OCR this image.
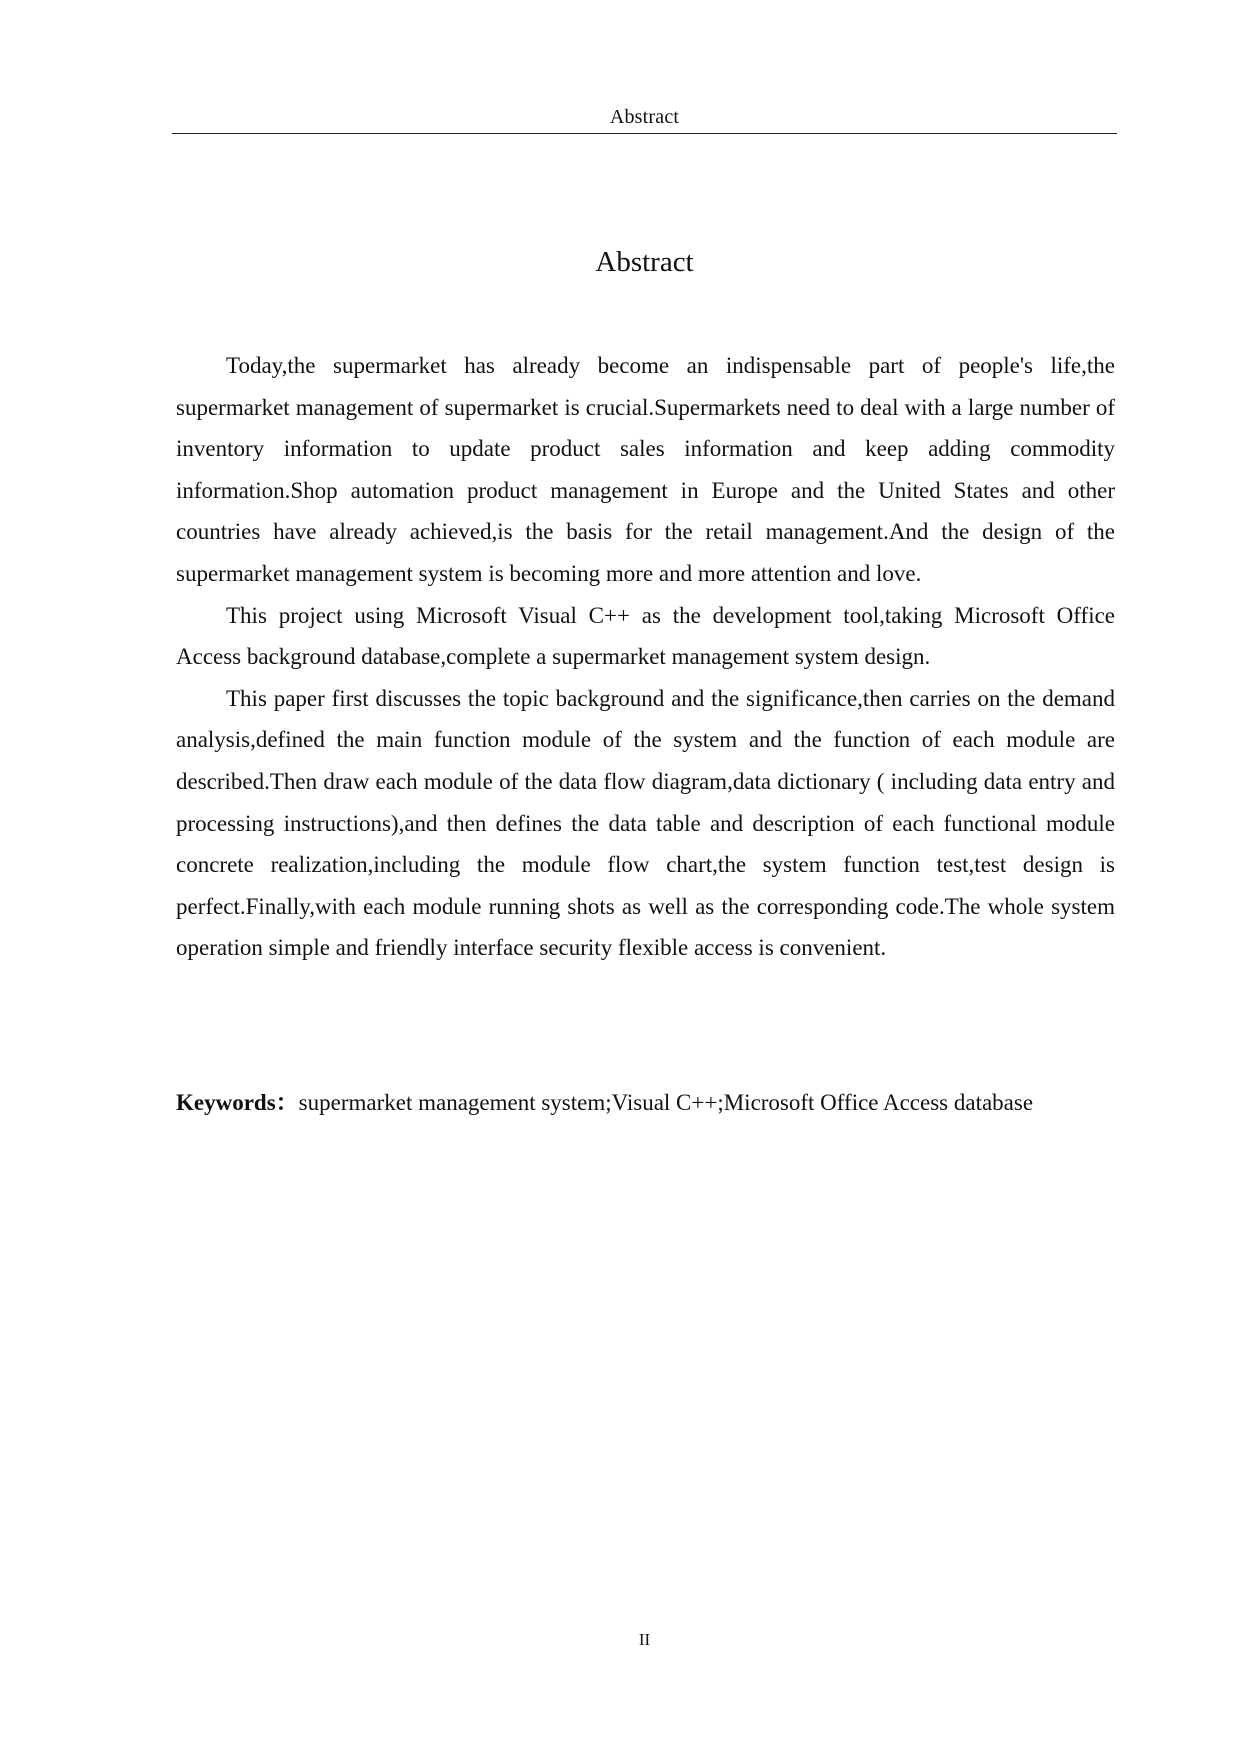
Abstract
Abstract

Today,the supermarket has already become an indispensable part of people's life,the supermarket management of supermarket is crucial.Supermarkets need to deal with a large number of inventory information to update product sales information and keep adding commodity information.Shop automation product management in Europe and the United States and other countries have already achieved,is the basis for the retail management.And the design of the supermarket management system is becoming more and more attention and love.

This project using Microsoft Visual C++ as the development tool,taking Microsoft Office Access background database,complete a supermarket management system design.

This paper first discusses the topic background and the significance,then carries on the demand analysis,defined the main function module of the system and the function of each module are described.Then draw each module of the data flow diagram,data dictionary ( including data entry and processing instructions),and then defines the data table and description of each functional module concrete realization,including the module flow chart,the system function test,test design is perfect.Finally,with each module running shots as well as the corresponding code.The whole system operation simple and friendly interface security flexible access is convenient.

Keywords：supermarket management system;Visual C++;Microsoft Office Access database
II
